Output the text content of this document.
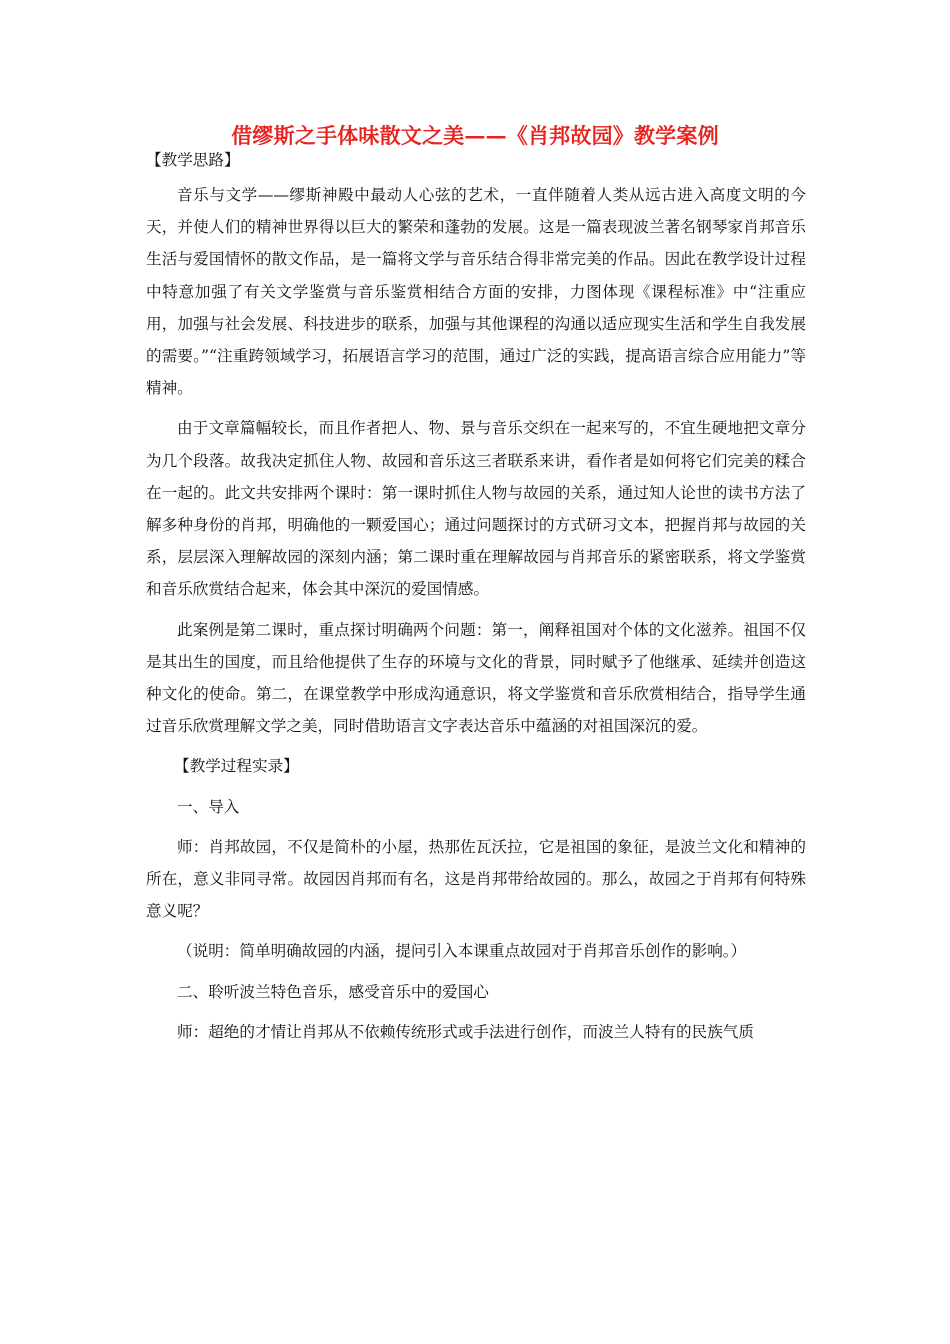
借缪斯之手体味散文之美——《肖邦故园》教学案例

【教学思路】

音乐与文学——缪斯神殿中最动人心弦的艺术，一直伴随着人类从远古进入高度文明的今天，并使人们的精神世界得以巨大的繁荣和蓬勃的发展。这是一篇表现波兰著名钢琴家肖邦音乐生活与爱国情怀的散文作品，是一篇将文学与音乐结合得非常完美的作品。因此在教学设计过程中特意加强了有关文学鉴赏与音乐鉴赏相结合方面的安排，力图体现《课程标准》中“注重应用，加强与社会发展、科技进步的联系，加强与其他课程的沟通以适应现实生活和学生自我发展的需要。”“注重跨领域学习，拓展语言学习的范围，通过广泛的实践，提高语言综合应用能力”等精神。

由于文章篇幅较长，而且作者把人、物、景与音乐交织在一起来写的，不宜生硬地把文章分为几个段落。故我决定抓住人物、故园和音乐这三者联系来讲，看作者是如何将它们完美的糅合在一起的。此文共安排两个课时：第一课时抓住人物与故园的关系，通过知人论世的读书方法了解多种身份的肖邦，明确他的一颗爱国心；通过问题探讨的方式研习文本，把握肖邦与故园的关系，层层深入理解故园的深刻内涵；第二课时重在理解故园与肖邦音乐的紧密联系，将文学鉴赏和音乐欣赏结合起来，体会其中深沉的爱国情感。

此案例是第二课时，重点探讨明确两个问题：第一，阐释祖国对个体的文化滋养。祖国不仅是其出生的国度，而且给他提供了生存的环境与文化的背景，同时赋予了他继承、延续并创造这种文化的使命。第二，在课堂教学中形成沟通意识，将文学鉴赏和音乐欣赏相结合，指导学生通过音乐欣赏理解文学之美，同时借助语言文字表达音乐中蕴涵的对祖国深沉的爱。

【教学过程实录】

一、导入

师：肖邦故园，不仅是简朴的小屋，热那佐瓦沃拉，它是祖国的象征，是波兰文化和精神的所在，意义非同寻常。故园因肖邦而有名，这是肖邦带给故园的。那么，故园之于肖邦有何特殊意义呢？

（说明：简单明确故园的内涵，提问引入本课重点故园对于肖邦音乐创作的影响。）

二、聆听波兰特色音乐，感受音乐中的爱国心

师：超绝的才情让肖邦从不依赖传统形式或手法进行创作，而波兰人特有的民族气质
